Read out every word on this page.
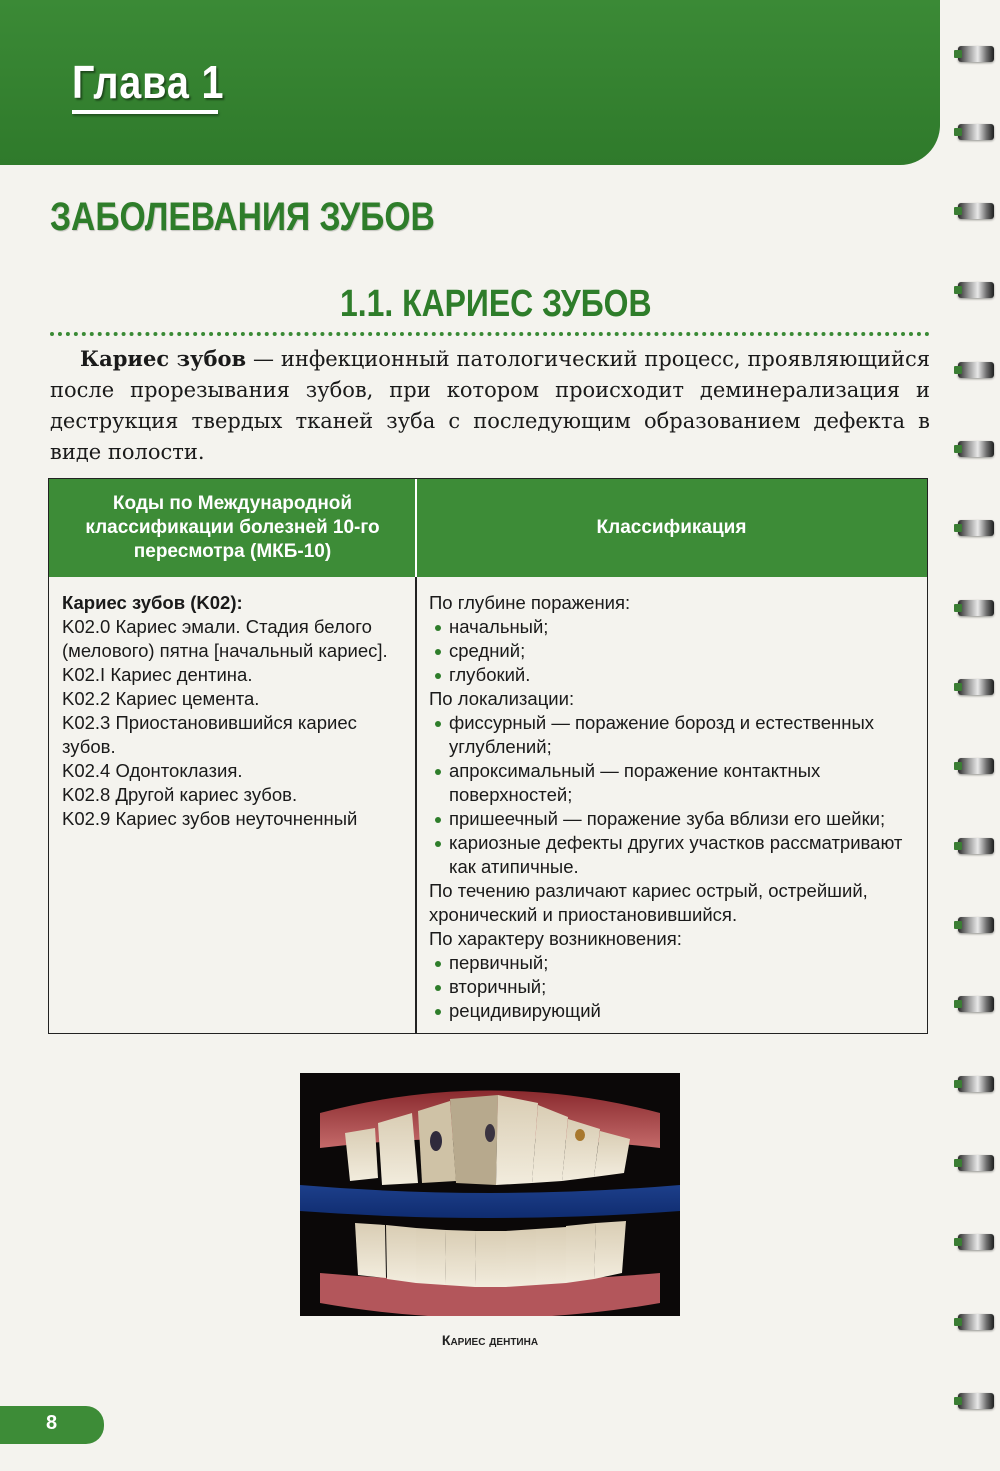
Глава 1
ЗАБОЛЕВАНИЯ ЗУБОВ
1.1. КАРИЕС ЗУБОВ

Кариес зубов — инфекционный патологический процесс, проявляющийся после прорезывания зубов, при котором происходит деминерализация и деструкция твердых тканей зуба с последующим образованием дефекта в виде полости.

Коды по Международной классификации болезней 10-го пересмотра (МКБ-10)
Классификация
Кариес зубов (K02):
K02.0 Кариес эмали. Стадия белого (мелового) пятна [начальный кариес].
K02.I Кариес дентина.
K02.2 Кариес цемента.
K02.3 Приостановившийся кариес зубов.
K02.4 Одонтоклазия.
K02.8 Другой кариес зубов.
K02.9 Кариес зубов неуточненный
По глубине поражения:
начальный;
средний;
глубокий.
По локализации:
фиссурный — поражение борозд и естественных углублений;
апроксимальный — поражение контактных поверхностей;
пришеечный — поражение зуба вблизи его шейки;
кариозные дефекты других участков рассматривают как атипичные.
По течению различают кариес острый, острейший, хронический и приостановившийся.
По характеру возникновения:
первичный;
вторичный;
рецидивирующий
Кариес дентина
8
